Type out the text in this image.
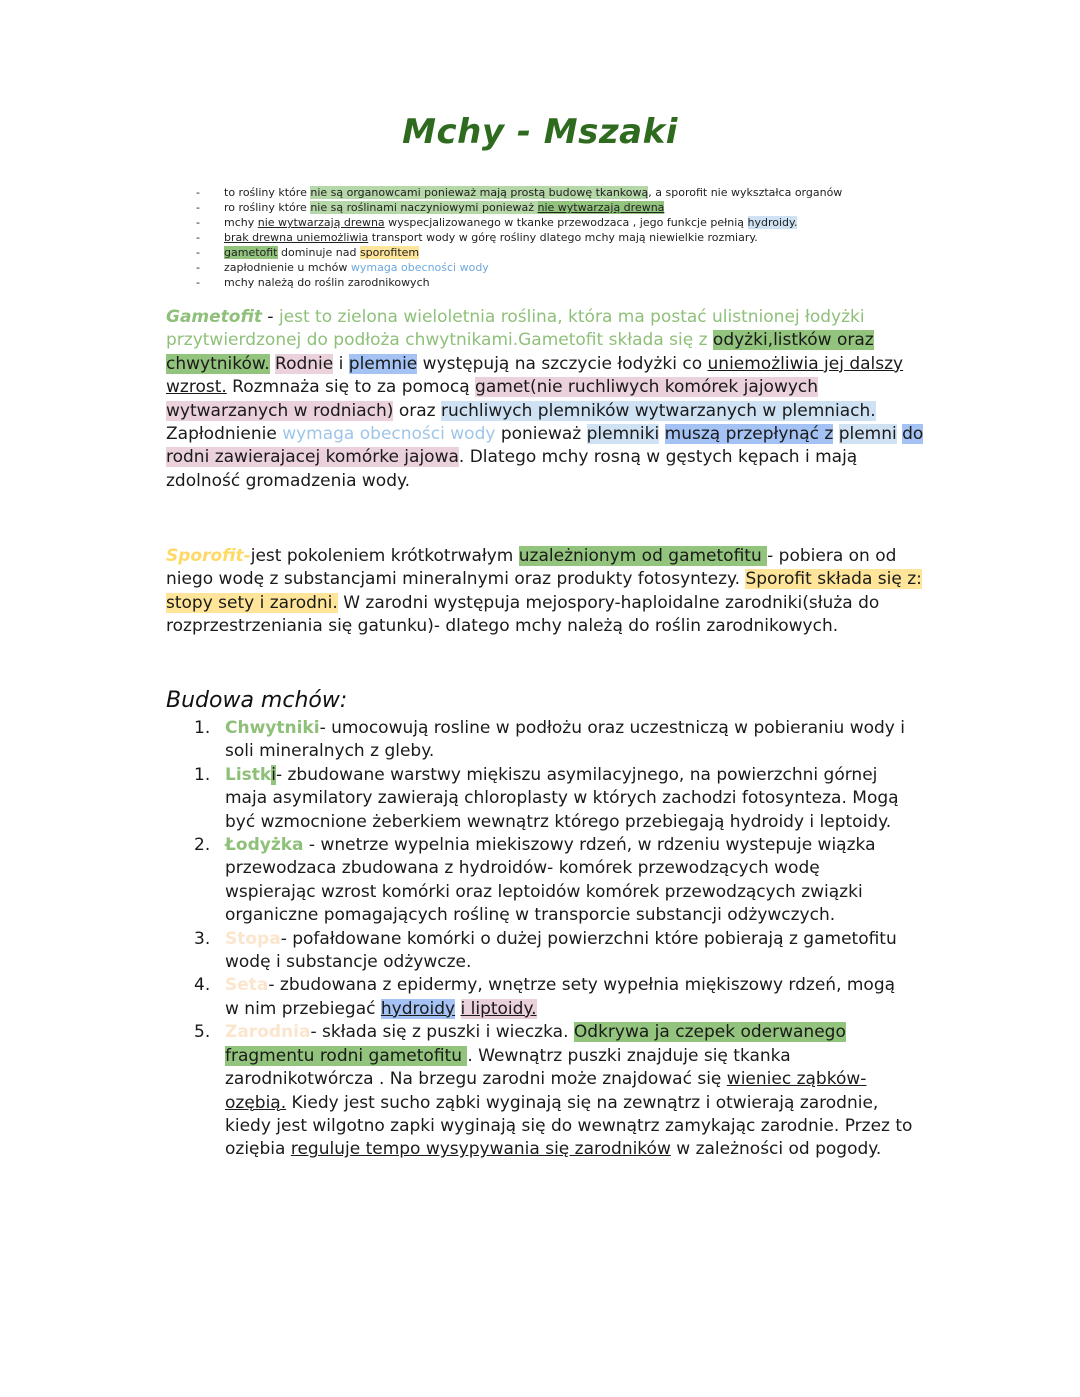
Mchy - Mszaki
- to rośliny które nie są organowcami ponieważ mają prostą budowę tkankową, a sporofit nie wykształca organów
- ro rośliny które nie są roślinami naczyniowymi ponieważ nie wytwarzają drewna
- mchy nie wytwarzają drewna wyspecjalizowanego w tkanke przewodzaca , jego funkcje pełnią hydroidy.
- brak drewna uniemożliwia transport wody w górę rośliny dlatego mchy mają niewielkie rozmiary.
- gametofit dominuje nad sporofitem
- zapłodnienie u mchów wymaga obecności wody
- mchy należą do roślin zarodnikowych

Gametofit - jest to zielona wieloletnia roślina, która ma postać ulistnionej łodyżki przytwierdzonej do podłoża chwytnikami.Gametofit składa się z odyżki,listków oraz chwytników. Rodnie i plemnie występują na szczycie łodyżki co uniemożliwia jej dalszy wzrost. Rozmnaża się to za pomocą gamet(nie ruchliwych komórek jajowych wytwarzanych w rodniach) oraz ruchliwych plemników wytwarzanych w plemniach. Zapłodnienie wymaga obecności wody ponieważ plemniki muszą przepłynąć z plemni do rodni zawierajacej komórke jajowa. Dlatego mchy rosną w gęstych kępach i mają zdolność gromadzenia wody.

Sporofit-jest pokoleniem krótkotrwałym uzależnionym od gametofitu - pobiera on od niego wodę z substancjami mineralnymi oraz produkty fotosyntezy. Sporofit składa się z: stopy sety i zarodni. W zarodni występuja mejospory-haploidalne zarodniki(służa do rozprzestrzeniania się gatunku)- dlatego mchy należą do roślin zarodnikowych.

Budowa mchów:
1. Chwytniki- umocowują rosline w podłożu oraz uczestniczą w pobieraniu wody i soli mineralnych z gleby.
1. Listki- zbudowane warstwy miękiszu asymilacyjnego, na powierzchni górnej maja asymilatory zawierają chloroplasty w których zachodzi fotosynteza. Mogą być wzmocnione żeberkiem wewnątrz którego przebiegają hydroidy i leptoidy.
2. Łodyżka - wnetrze wypelnia miekiszowy rdzeń, w rdzeniu wystepuje wiązka przewodzaca zbudowana z hydroidów- komórek przewodzących wodę wspierając wzrost komórki oraz leptoidów komórek przewodzących związki organiczne pomagających roślinę w transporcie substancji odżywczych.
3. Stopa- pofałdowane komórki o dużej powierzchni które pobierają z gametofitu wodę i substancje odżywcze.
4. Seta- zbudowana z epidermy, wnętrze sety wypełnia miękiszowy rdzeń, mogą w nim przebiegać hydroidy i liptoidy.
5. Zarodnia- składa się z puszki i wieczka. Odkrywa ja czepek oderwanego fragmentu rodni gametofitu . Wewnątrz puszki znajduje się tkanka zarodnikotwórcza . Na brzegu zarodni może znajdować się wieniec ząbków- ozębią. Kiedy jest sucho ząbki wyginają się na zewnątrz i otwierają zarodnie, kiedy jest wilgotno zapki wyginają się do wewnątrz zamykając zarodnie. Przez to oziębia reguluje tempo wysypywania się zarodników w zależności od pogody.
